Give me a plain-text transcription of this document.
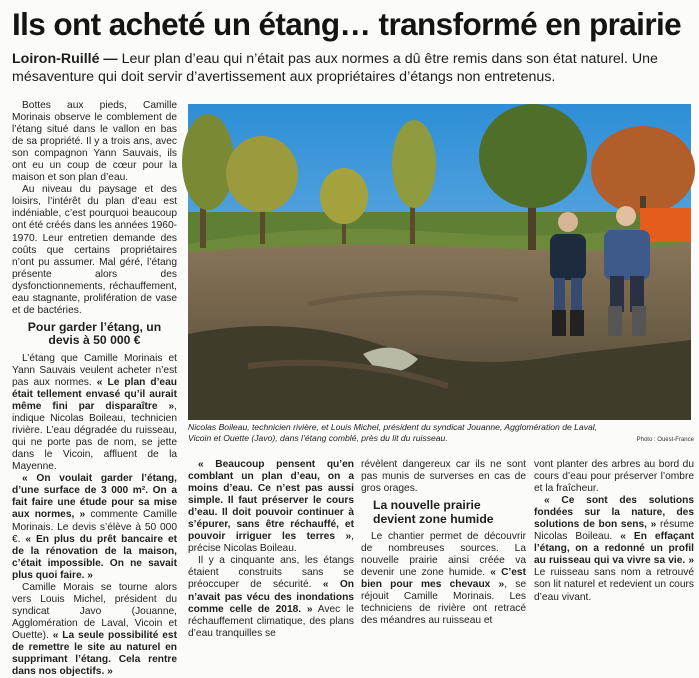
Ils ont acheté un étang… transformé en prairie
Loiron-Ruillé — Leur plan d’eau qui n’était pas aux normes a dû être remis dans son état naturel. Une mésaventure qui doit servir d’avertissement aux propriétaires d’étangs non entretenus.

Bottes aux pieds, Camille Morinais observe le comblement de l’étang situé dans le vallon en bas de sa propriété. Il y a trois ans, avec son compagnon Yann Sauvais, ils ont eu un coup de cœur pour la maison et son plan d’eau.

Au niveau du paysage et des loisirs, l’intérêt du plan d’eau est indéniable, c’est pourquoi beaucoup ont été créés dans les années 1960-1970. Leur entretien demande des coûts que certains propriétaires n’ont pu assumer. Mal géré, l’étang présente alors des dysfonctionnements, réchauffement, eau stagnante, prolifération de vase et de bactéries.

Pour garder l’étang, un devis à 50 000 €

L’étang que Camille Morinais et Yann Sauvais veulent acheter n’est pas aux normes. « Le plan d’eau était tellement envasé qu’il aurait même fini par disparaître », indique Nicolas Boileau, technicien rivière. L’eau dégradée du ruisseau, qui ne porte pas de nom, se jette dans le Vicoin, affluent de la Mayenne.

« On voulait garder l’étang, d’une surface de 3 000 m². On a fait faire une étude pour sa mise aux normes, » commente Camille Morinais. Le devis s’élève à 50 000 €. « En plus du prêt bancaire et de la rénovation de la maison, c’était impossible. On ne savait plus quoi faire. »

Camille Morais se tourne alors vers Louis Michel, président du syndicat Javo (Jouanne, Agglomération de Laval, Vicoin et Ouette). « La seule possibilité est de remettre le site au naturel en supprimant l’étang. Cela rentre dans nos objectifs. »

Nicolas Boileau, technicien rivière, et Louis Michel, président du syndicat Jouanne, Agglomération de Laval, Vicoin et Ouette (Javo), dans l’étang comblé, près du lit du ruisseau.	Photo : Ouest-France

« Beaucoup pensent qu’en comblant un plan d’eau, on a moins d’eau. Ce n’est pas aussi simple. Il faut préserver le cours d’eau. Il doit pouvoir continuer à s’épurer, sans être réchauffé, et pouvoir irriguer les terres », précise Nicolas Boileau.

Il y a cinquante ans, les étangs étaient construits sans se préoccuper de sécurité. « On n’avait pas vécu des inondations comme celle de 2018. » Avec le réchauffement climatique, des plans d’eau tranquilles se

révèlent dangereux car ils ne sont pas munis de surverses en cas de gros orages.

La nouvelle prairie devient zone humide

Le chantier permet de découvrir de nombreuses sources. La nouvelle prairie ainsi créée va devenir une zone humide. « C’est bien pour mes chevaux », se réjouit Camille Morinais. Les techniciens de rivière ont retracé des méandres au ruisseau et

vont planter des arbres au bord du cours d’eau pour préserver l’ombre et la fraîcheur.

« Ce sont des solutions fondées sur la nature, des solutions de bon sens, » résume Nicolas Boileau. « En effaçant l’étang, on a redonné un profil au ruisseau qui va vivre sa vie. » Le ruisseau sans nom a retrouvé son lit naturel et redevient un cours d’eau vivant.
